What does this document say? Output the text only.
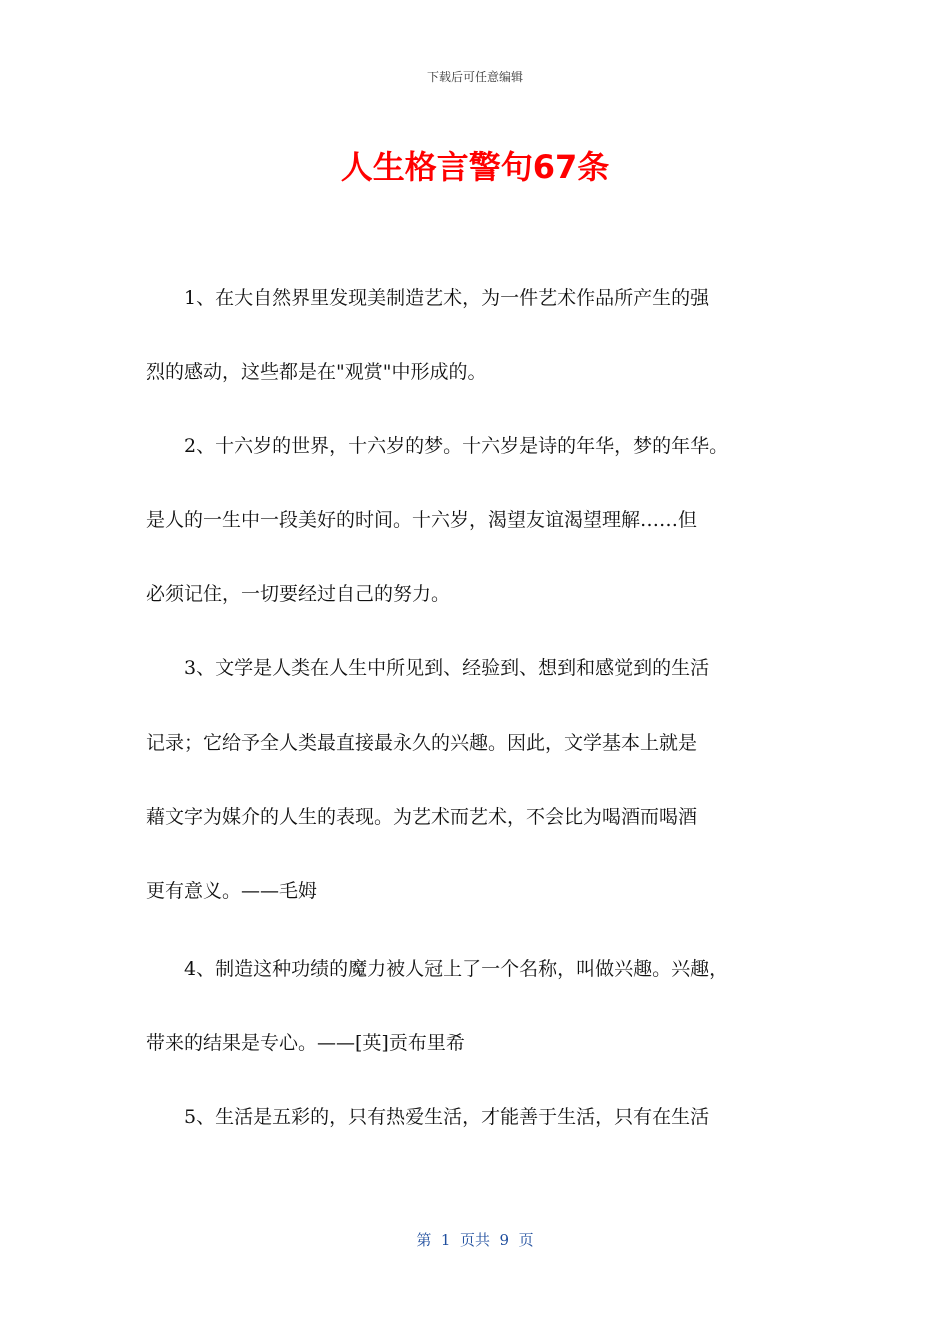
下载后可任意编辑
人生格言警句67条
　　1、在大自然界里发现美制造艺术，为一件艺术作品所产生的强
烈的感动，这些都是在"观赏"中形成的。
　　2、十六岁的世界，十六岁的梦。十六岁是诗的年华，梦的年华。
是人的一生中一段美好的时间。十六岁，渴望友谊渴望理解……但
必须记住，一切要经过自己的努力。
　　3、文学是人类在人生中所见到、经验到、想到和感觉到的生活
记录；它给予全人类最直接最永久的兴趣。因此，文学基本上就是
藉文字为媒介的人生的表现。为艺术而艺术，不会比为喝酒而喝酒
更有意义。——毛姆
　　4、制造这种功绩的魔力被人冠上了一个名称，叫做兴趣。兴趣，
带来的结果是专心。——[英]贡布里希
　　5、生活是五彩的，只有热爱生活，才能善于生活，只有在生活
第  1  页共  9  页
